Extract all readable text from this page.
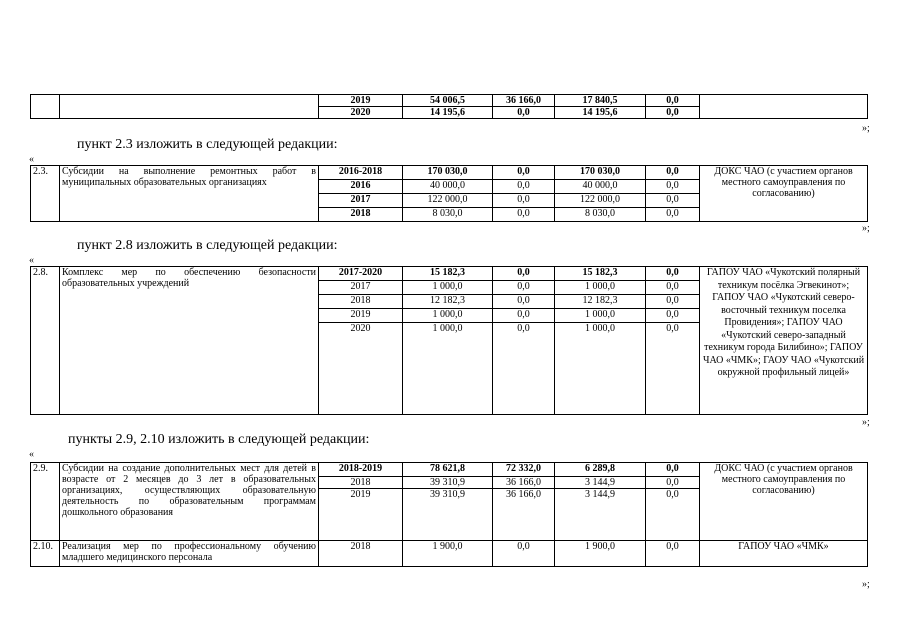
		2019	54 006,5	36 166,0	17 840,5	0,0	
		2020	14 195,6	0,0	14 195,6	0,0	
»;
пункт 2.3 изложить в следующей редакции:
«
2.3.	Субсидии на выполнение ремонтных работ в муниципальных образовательных организациях	2016-2018	170 030,0	0,0	170 030,0	0,0	ДОКС ЧАО (с участием органов местного самоуправления по согласованию)
		2016	40 000,0	0,0	40 000,0	0,0	
		2017	122 000,0	0,0	122 000,0	0,0	
		2018	8 030,0	0,0	8 030,0	0,0	
»;
пункт 2.8 изложить в следующей редакции:
«
2.8.	Комплекс мер по обеспечению безопасности образовательных учреждений	2017-2020	15 182,3	0,0	15 182,3	0,0	ГАПОУ ЧАО «Чукотский полярный техникум посёлка Эгвекинот»; ГАПОУ ЧАО «Чукотский северо-восточный техникум поселка Провидения»; ГАПОУ ЧАО «Чукотский северо-западный техникум города Билибино»; ГАПОУ ЧАО «ЧМК»; ГАОУ ЧАО «Чукотский окружной профильный лицей»
		2017	1 000,0	0,0	1 000,0	0,0	
		2018	12 182,3	0,0	12 182,3	0,0	
		2019	1 000,0	0,0	1 000,0	0,0	
		2020	1 000,0	0,0	1 000,0	0,0	
»;
пункты 2.9, 2.10 изложить в следующей редакции:
«
2.9.	Субсидии на создание дополнительных мест для детей в возрасте от 2 месяцев до 3 лет в образовательных организациях, осуществляющих образовательную деятельность по образовательным программам дошкольного образования	2018-2019	78 621,8	72 332,0	6 289,8	0,0	ДОКС ЧАО (с участием органов местного самоуправления по согласованию)
		2018	39 310,9	36 166,0	3 144,9	0,0	
		2019	39 310,9	36 166,0	3 144,9	0,0	
2.10.	Реализация мер по профессиональному обучению младшего медицинского персонала	2018	1 900,0	0,0	1 900,0	0,0	ГАПОУ ЧАО «ЧМК»
»;
